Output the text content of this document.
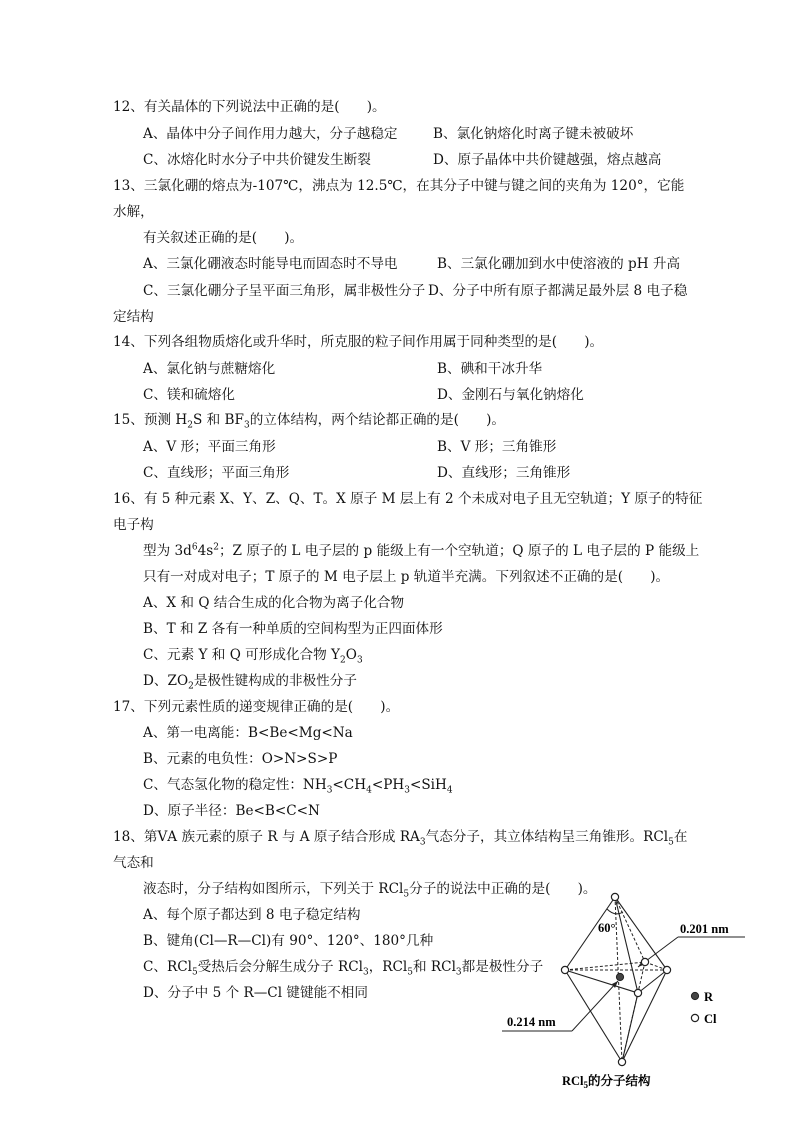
12、有关晶体的下列说法中正确的是(　　)。
A、晶体中分子间作用力越大，分子越稳定	B、氯化钠熔化时离子键未被破坏
C、冰熔化时水分子中共价键发生断裂	D、原子晶体中共价键越强，熔点越高
13、三氯化硼的熔点为-107℃，沸点为 12.5℃，在其分子中键与键之间的夹角为 120°，它能
水解，
有关叙述正确的是(　　)。
A、三氯化硼液态时能导电而固态时不导电	B、三氯化硼加到水中使溶液的 pH 升高
C、三氯化硼分子呈平面三角形，属非极性分子 D、分子中所有原子都满足最外层 8 电子稳
定结构
14、下列各组物质熔化或升华时，所克服的粒子间作用属于同种类型的是(　　)。
A、氯化钠与蔗糖熔化	B、碘和干冰升华
C、镁和硫熔化	D、金刚石与氧化钠熔化
15、预测 $H_2S$ 和 $BF_3$的立体结构，两个结论都正确的是(　　)。
A、V 形；平面三角形	B、V 形；三角锥形
C、直线形；平面三角形	D、直线形；三角锥形
16、有 5 种元素 X、Y、Z、Q、T。X 原子 M 层上有 2 个未成对电子且无空轨道；Y 原子的特征
电子构
型为 $3d^64s^2$；Z 原子的 L 电子层的 p 能级上有一个空轨道；Q 原子的 L 电子层的 P 能级上
只有一对成对电子；T 原子的 M 电子层上 p 轨道半充满。下列叙述不正确的是(　　)。
A、X 和 Q 结合生成的化合物为离子化合物
B、T 和 Z 各有一种单质的空间构型为正四面体形
C、元素 Y 和 Q 可形成化合物 $Y_2O_3$
D、$ZO_2$是极性键构成的非极性分子
17、下列元素性质的递变规律正确的是(　　)。
A、第一电离能：B<Be<Mg<Na
B、元素的电负性：O>N>S>P
C、气态氢化物的稳定性：$NH_3<CH_4<PH_3<SiH_4$
D、原子半径：Be<B<C<N
18、第ⅤA 族元素的原子 R 与 A 原子结合形成 $RA_3$气态分子，其立体结构呈三角锥形。RCl$_5$在
气态和
液态时，分子结构如图所示，下列关于 RCl$_5$分子的说法中正确的是(　　)。
A、每个原子都达到 8 电子稳定结构
B、键角(Cl—R—Cl)有 90°、120°、180°几种
C、RCl$_5$受热后会分解生成分子 RCl$_3$，RCl$_5$和 RCl$_3$都是极性分子
D、分子中 5 个 R—Cl 键键能不相同
60°	0.201 nm
0.214 nm
R
Cl
RCl$_5$的分子结构
